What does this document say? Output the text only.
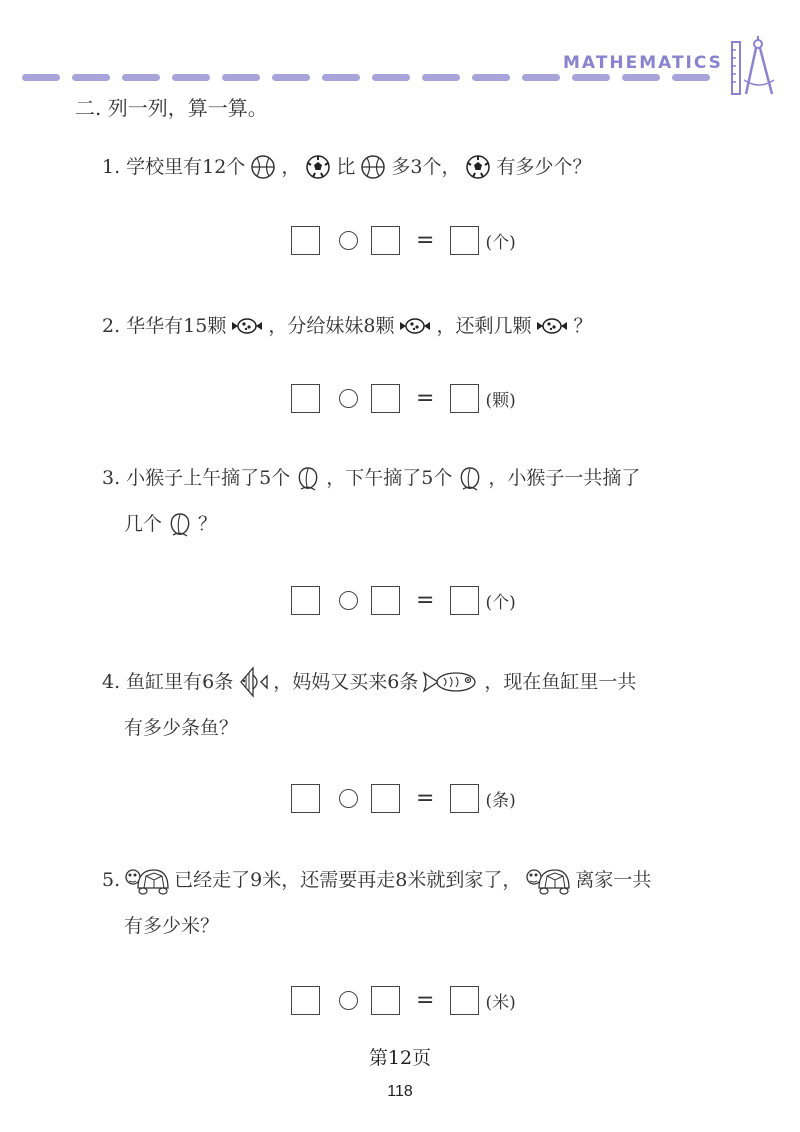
MATHEMATICS
二. 列一列，算一算。
1. 学校里有12个 ， 比 多3个， 有多少个？
=	(个)
2. 华华有15颗 ，分给妹妹8颗 ，还剩几颗 ？
=	(颗)
3. 小猴子上午摘了5个 ，下午摘了5个 ，小猴子一共摘了
几个 ？
=	(个)
4. 鱼缸里有6条 ，妈妈又买来6条	，现在鱼缸里一共
有多少条鱼？
=	(条)
5.	已经走了9米，还需要再走8米就到家了，	离家一共
有多少米？
=	(米)
第12页
118
